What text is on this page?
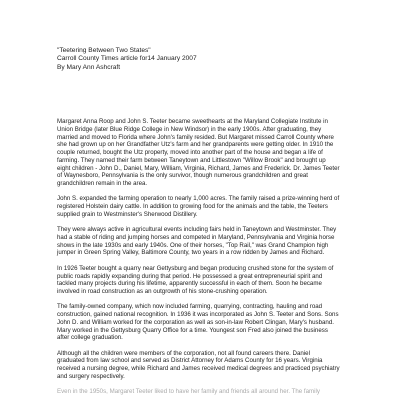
"Teetering Between Two States"
Carroll County Times article for14 January 2007
By Mary Ann Ashcraft
Margaret Anna Roop and John S. Teeter became sweethearts at the Maryland Collegiate Institute in
Union Bridge (later Blue Ridge College in New Windsor) in the early 1900s. After graduating, they
married and moved to Florida where John's family resided. But Margaret missed Carroll County where
she had grown up on her Grandfather Utz's farm and her grandparents were getting older. In 1910 the
couple returned, bought the Utz property, moved into another part of the house and began a life of
farming. They named their farm between Taneytown and Littlestown "Willow Brook" and brought up
eight children - John D., Daniel, Mary, William, Virginia, Richard, James and Frederick. Dr. James Teeter
of Waynesboro, Pennsylvania is the only survivor, though numerous grandchildren and great
grandchildren remain in the area.
John S. expanded the farming operation to nearly 1,000 acres. The family raised a prize-winning herd of
registered Holstein dairy cattle. In addition to growing food for the animals and the table, the Teeters
supplied grain to Westminster's Sherwood Distillery.
They were always active in agricultural events including fairs held in Taneytown and Westminster. They
had a stable of riding and jumping horses and competed in Maryland, Pennsylvania and Virginia horse
shows in the late 1930s and early 1940s. One of their horses, "Top Rail," was Grand Champion high
jumper in Green Spring Valley, Baltimore County, two years in a row ridden by James and Richard.
In 1926 Teeter bought a quarry near Gettysburg and began producing crushed stone for the system of
public roads rapidly expanding during that period. He possessed a great entrepreneurial spirit and
tackled many projects during his lifetime, apparently successful in each of them. Soon he became
involved in road construction as an outgrowth of his stone-crushing operation.
The family-owned company, which now included farming, quarrying, contracting, hauling and road
construction, gained national recognition. In 1936 it was incorporated as John S. Teeter and Sons. Sons
John D. and William worked for the corporation as well as son-in-law Robert Clingan, Mary's husband.
Mary worked in the Gettysburg Quarry Office for a time. Youngest son Fred also joined the business
after college graduation.
Although all the children were members of the corporation, not all found careers there. Daniel
graduated from law school and served as District Attorney for Adams County for 16 years. Virginia
received a nursing degree, while Richard and James received medical degrees and practiced psychiatry
and surgery respectively.
Even in the 1950s, Margaret Teeter liked to have her family and friends all around her. The family
